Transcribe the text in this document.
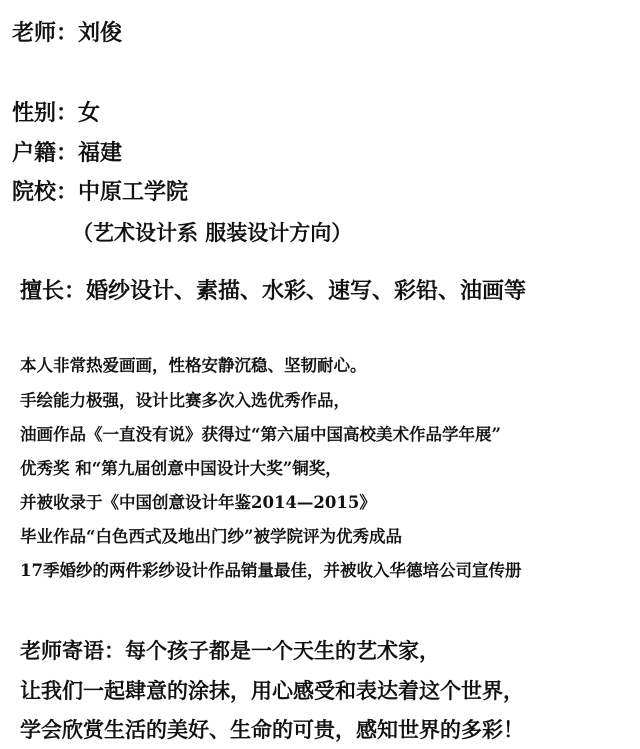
老师：刘俊
性别：女
户籍：福建
院校：中原工学院
（艺术设计系 服装设计方向）
擅长：婚纱设计、素描、水彩、速写、彩铅、油画等
本人非常热爱画画，性格安静沉稳、坚韧耐心。
手绘能力极强，设计比赛多次入选优秀作品，
油画作品《一直没有说》获得过“第六届中国高校美术作品学年展”
优秀奖 和“第九届创意中国设计大奖”铜奖，
并被收录于《中国创意设计年鉴2014—2015》
毕业作品“白色西式及地出门纱”被学院评为优秀成品
17季婚纱的两件彩纱设计作品销量最佳，并被收入华德培公司宣传册
老师寄语：每个孩子都是一个天生的艺术家，
让我们一起肆意的涂抹，用心感受和表达着这个世界，
学会欣赏生活的美好、生命的可贵，感知世界的多彩！
